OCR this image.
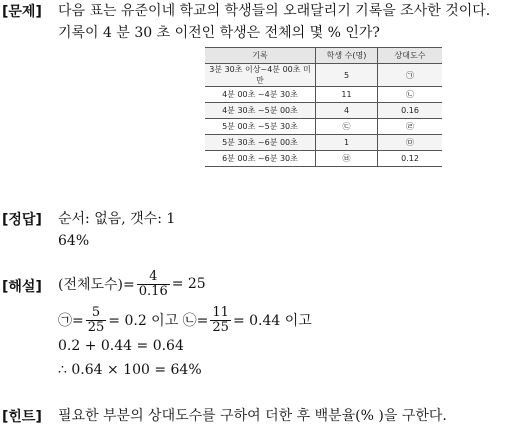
[문제] 다음 표는 유준이네 학교의 학생들의 오래달리기 기록을 조사한 것이다.
기록이 4 분 30 초 이전인 학생은 전체의 몇 % 인가?
기록	학생 수(명)	상대도수
3분 30초 이상~4분 00초 미만	5	㉠
4분 00초 ~4분 30초	11	㉡
4분 30초 ~5분 00초	4	0.16
5분 00초 ~5분 30초	㉢	㉣
5분 30초 ~6분 00초	1	㉤
6분 00초 ~6분 30초	㉥	0.12
[정답] 순서: 없음, 갯수: 1
64%
[해설] (전체도수)= $\frac{4}{0.16} = 25$
㉠= $\frac{5}{25} = 0.2$ 이고 ㉡= $\frac{11}{25} = 0.44$ 이고
0.2 + 0.44 = 0.64
∴ 0.64 × 100 = 64%
[힌트] 필요한 부분의 상대도수를 구하여 더한 후 백분율(% )을 구한다.
